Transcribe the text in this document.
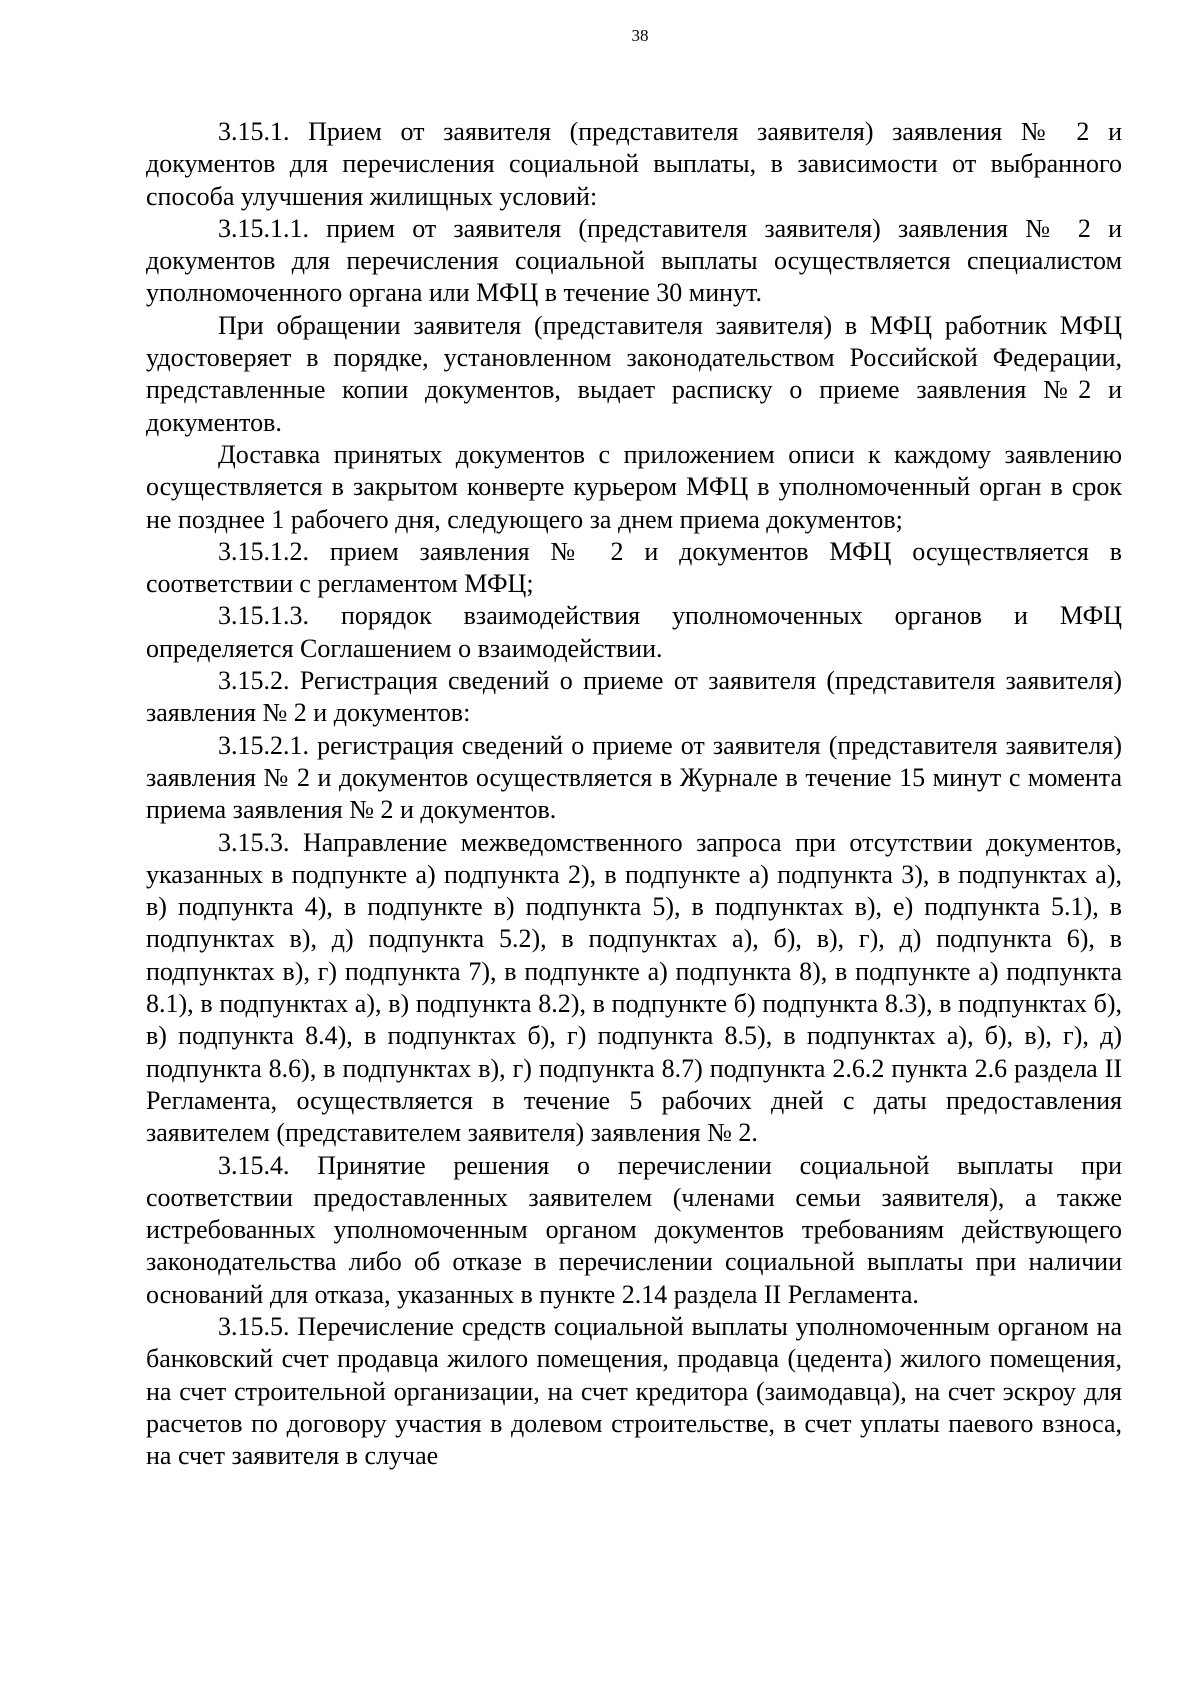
38

3.15.1. Прием от заявителя (представителя заявителя) заявления № 2 и документов для перечисления социальной выплаты, в зависимости от выбранного способа улучшения жилищных условий:

3.15.1.1. прием от заявителя (представителя заявителя) заявления № 2 и документов для перечисления социальной выплаты осуществляется специалистом уполномоченного органа или МФЦ в течение 30 минут.

При обращении заявителя (представителя заявителя) в МФЦ работник МФЦ удостоверяет в порядке, установленном законодательством Российской Федерации, представленные копии документов, выдает расписку о приеме заявления №2 и документов.

Доставка принятых документов с приложением описи к каждому заявлению осуществляется в закрытом конверте курьером МФЦ в уполномоченный орган в срок не позднее 1 рабочего дня, следующего за днем приема документов;

3.15.1.2. прием заявления № 2 и документов МФЦ осуществляется в соответствии с регламентом МФЦ;

3.15.1.3. порядок взаимодействия уполномоченных органов и МФЦ определяется Соглашением о взаимодействии.

3.15.2. Регистрация сведений о приеме от заявителя (представителя заявителя) заявления № 2 и документов:

3.15.2.1. регистрация сведений о приеме от заявителя (представителя заявителя) заявления № 2 и документов осуществляется в Журнале в течение 15 минут с момента приема заявления № 2 и документов.

3.15.3. Направление межведомственного запроса при отсутствии документов, указанных в подпункте а) подпункта 2), в подпункте а) подпункта 3), в подпунктах а), в) подпункта 4), в подпункте в) подпункта 5), в подпунктах в), е) подпункта 5.1), в подпунктах в), д) подпункта 5.2), в подпунктах а), б), в), г), д) подпункта 6), в подпунктах в), г) подпункта 7), в подпункте а) подпункта 8), в подпункте а) подпункта 8.1), в подпунктах а), в) подпункта 8.2), в подпункте б) подпункта 8.3), в подпунктах б), в) подпункта 8.4), в подпунктах б), г) подпункта 8.5), в подпунктах а), б), в), г), д) подпункта 8.6), в подпунктах в), г) подпункта 8.7) подпункта 2.6.2 пункта 2.6 раздела II Регламента, осуществляется в течение 5 рабочих дней с даты предоставления заявителем (представителем заявителя) заявления № 2.

3.15.4. Принятие решения о перечислении социальной выплаты при соответствии предоставленных заявителем (членами семьи заявителя), а также истребованных уполномоченным органом документов требованиям действующего законодательства либо об отказе в перечислении социальной выплаты при наличии оснований для отказа, указанных в пункте 2.14 раздела II Регламента.

3.15.5. Перечисление средств социальной выплаты уполномоченным органом на банковский счет продавца жилого помещения, продавца (цедента) жилого помещения, на счет строительной организации, на счет кредитора (заимодавца), на счет эскроу для расчетов по договору участия в долевом строительстве, в счет уплаты паевого взноса, на счет заявителя в случае
